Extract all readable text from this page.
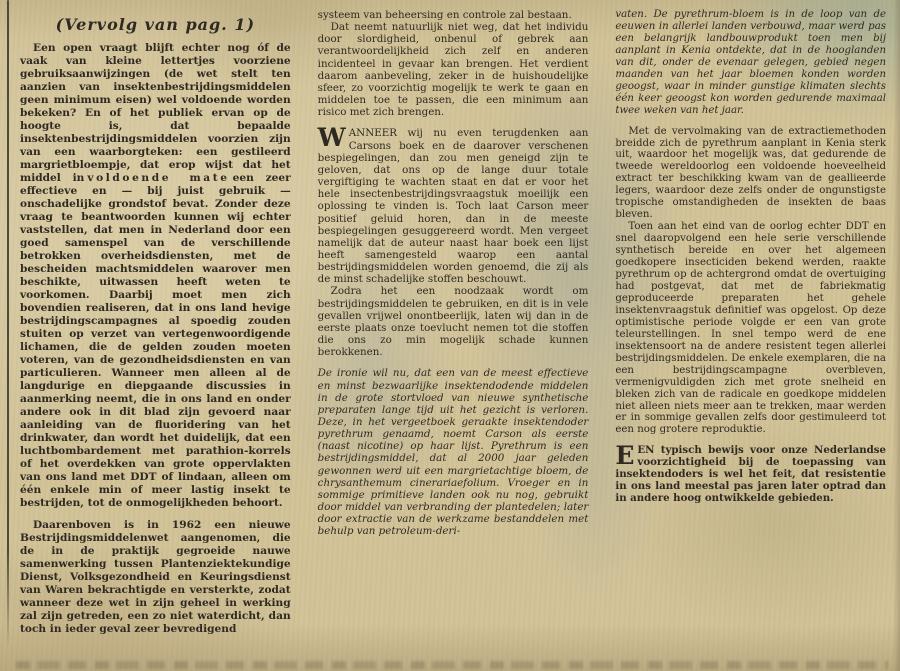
(Vervolg van pag. 1)

Een open vraagt blijft echter nog óf de vaak van kleine lettertjes voorziene gebruiksaanwijzingen (de wet stelt ten aanzien van insektenbestrijdingsmiddelen geen minimum eisen) wel voldoende worden bekeken? En of het publiek ervan op de hoogte is, dat bepaalde insektenbestrijdingsmiddelen voorzien zijn van een waarborgteken: een gestileerd margrietbloempje, dat erop wijst dat het middel in voldoende mate een zeer effectieve en — bij juist gebruik — onschadelijke grondstof bevat. Zonder deze vraag te beantwoorden kunnen wij echter vaststellen, dat men in Nederland door een goed samenspel van de verschillende betrokken overheidsdiensten, met de bescheiden machtsmiddelen waarover men beschikte, uitwassen heeft weten te voorkomen. Daarbij moet men zich bovendien realiseren, dat in ons land hevige bestrijdingscampagnes al spoedig zouden stuiten op verzet van vertegenwoordigende lichamen, die de gelden zouden moeten voteren, van de gezondheidsdiensten en van particulieren. Wanneer men alleen al de langdurige en diepgaande discussies in aanmerking neemt, die in ons land en onder andere ook in dit blad zijn gevoerd naar aanleiding van de fluoridering van het drinkwater, dan wordt het duidelijk, dat een luchtbombardement met parathion-korrels of het overdekken van grote oppervlakten van ons land met DDT of lindaan, alleen om één enkele min of meer lastig insekt te bestrijden, tot de onmogelijkheden behoort.

Daarenboven is in 1962 een nieuwe Bestrijdingsmiddelenwet aangenomen, die de in de praktijk gegroeide nauwe samenwerking tussen Plantenziektekundige Dienst, Volksgezondheid en Keuringsdienst van Waren bekrachtigde en versterkte, zodat wanneer deze wet in zijn geheel in werking zal zijn getreden, een zo niet waterdicht, dan toch in ieder geval zeer bevredigend

systeem van beheersing en controle zal bestaan.

Dat neemt natuurlijk niet weg, dat het individu door slordigheid, onbenul of gebrek aan verantwoordelijkheid zich zelf en anderen incidenteel in gevaar kan brengen. Het verdient daarom aanbeveling, zeker in de huishoudelijke sfeer, zo voorzichtig mogelijk te werk te gaan en middelen toe te passen, die een minimum aan risico met zich brengen.

WANNEER wij nu even terugdenken aan Carsons boek en de daarover verschenen bespiegelingen, dan zou men geneigd zijn te geloven, dat ons op de lange duur totale vergiftiging te wachten staat en dat er voor het hele insectenbestrijdingsvraagstuk moeilijk een oplossing te vinden is. Toch laat Carson meer positief geluid horen, dan in de meeste bespiegelingen gesuggereerd wordt. Men vergeet namelijk dat de auteur naast haar boek een lijst heeft samengesteld waarop een aantal bestrijdingsmiddelen worden genoemd, die zij als de minst schadelijke stoffen beschouwt.

Zodra het een noodzaak wordt om bestrijdingsmiddelen te gebruiken, en dit is in vele gevallen vrijwel onontbeerlijk, laten wij dan in de eerste plaats onze toevlucht nemen tot die stoffen die ons zo min mogelijk schade kunnen berokkenen.

De ironie wil nu, dat een van de meest effectieve en minst bezwaarlijke insektendodende middelen in de grote stortvloed van nieuwe synthetische preparaten lange tijd uit het gezicht is verloren. Deze, in het vergeetboek geraakte insektendoder pyrethrum genaamd, noemt Carson als eerste (naast nicotine) op haar lijst. Pyrethrum is een bestrijdingsmiddel, dat al 2000 jaar geleden gewonnen werd uit een margrietachtige bloem, de chrysanthemum cinerariaefolium. Vroeger en in sommige primitieve landen ook nu nog, gebruikt door middel van verbranding der plantedelen; later door extractie van de werkzame bestanddelen met behulp van petroleum-deri-

vaten. De pyrethrum-bloem is in de loop van de eeuwen in allerlei landen verbouwd, maar werd pas een belangrijk landbouwprodukt toen men bij aanplant in Kenia ontdekte, dat in de hooglanden van dit, onder de evenaar gelegen, gebied negen maanden van het jaar bloemen konden worden geoogst, waar in minder gunstige klimaten slechts één keer geoogst kon worden gedurende maximaal twee weken van het jaar.

Met de vervolmaking van de extractiemethoden breidde zich de pyrethrum aanplant in Kenia sterk uit, waardoor het mogelijk was, dat gedurende de tweede wereldoorlog een voldoende hoeveelheid extract ter beschikking kwam van de geallieerde legers, waardoor deze zelfs onder de ongunstigste tropische omstandigheden de insekten de baas bleven.

Toen aan het eind van de oorlog echter DDT en snel daaropvolgend een hele serie verschillende synthetisch bereide en over het algemeen goedkopere insecticiden bekend werden, raakte pyrethrum op de achtergrond omdat de overtuiging had postgevat, dat met de fabriekmatig geproduceerde preparaten het gehele insektenvraagstuk definitief was opgelost. Op deze optimistische periode volgde er een van grote teleurstellingen. In snel tempo werd de ene insektensoort na de andere resistent tegen allerlei bestrijdingsmiddelen. De enkele exemplaren, die na een bestrijdingscampagne overbleven, vermenigvuldigden zich met grote snelheid en bleken zich van de radicale en goedkope middelen niet alleen niets meer aan te trekken, maar werden er in sommige gevallen zelfs door gestimuleerd tot een nog grotere reproduktie.

EEN typisch bewijs voor onze Nederlandse voorzichtigheid bij de toepassing van insektendoders is wel het feit, dat resistentie in ons land meestal pas jaren later optrad dan in andere hoog ontwikkelde gebieden.
